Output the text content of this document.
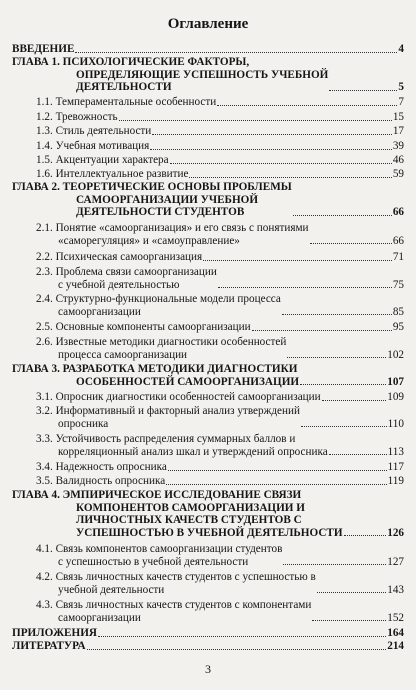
Оглавление
ВВЕДЕНИЕ	4
ГЛАВА 1. ПСИХОЛОГИЧЕСКИЕ ФАКТОРЫ,
ОПРЕДЕЛЯЮЩИЕ УСПЕШНОСТЬ УЧЕБНОЙ
ДЕЯТЕЛЬНОСТИ	5
1.1. Темпераментальные особенности	7
1.2. Тревожность	15
1.3. Стиль деятельности	17
1.4. Учебная мотивация	39
1.5. Акцентуации характера	46
1.6. Интеллектуальное развитие	59
ГЛАВА 2. ТЕОРЕТИЧЕСКИЕ ОСНОВЫ ПРОБЛЕМЫ
САМООРГАНИЗАЦИИ УЧЕБНОЙ
ДЕЯТЕЛЬНОСТИ СТУДЕНТОВ	66
2.1. Понятие «самоорганизация» и его связь с понятиями
«саморегуляция» и «самоуправление»	66
2.2. Психическая самоорганизация	71
2.3. Проблема связи самоорганизации
с учебной деятельностью	75
2.4. Структурно-функциональные модели процесса
самоорганизации	85
2.5. Основные компоненты самоорганизации	95
2.6. Известные методики диагностики особенностей
процесса самоорганизации	102
ГЛАВА 3. РАЗРАБОТКА МЕТОДИКИ ДИАГНОСТИКИ
ОСОБЕННОСТЕЙ САМООРГАНИЗАЦИИ	107
3.1. Опросник диагностики особенностей самоорганизации	109
3.2. Информативный и факторный анализ утверждений
опросника	110
3.3. Устойчивость распределения суммарных баллов и
корреляционный анализ шкал и утверждений опросника	113
3.4. Надежность опросника	117
3.5. Валидность опросника	119
ГЛАВА 4. ЭМПИРИЧЕСКОЕ ИССЛЕДОВАНИЕ СВЯЗИ
КОМПОНЕНТОВ САМООРГАНИЗАЦИИ И
ЛИЧНОСТНЫХ КАЧЕСТВ СТУДЕНТОВ С
УСПЕШНОСТЬЮ В УЧЕБНОЙ ДЕЯТЕЛЬНОСТИ	126
4.1. Связь компонентов самоорганизации студентов
с успешностью в учебной деятельности	127
4.2. Связь личностных качеств студентов с успешностью в
учебной деятельности	143
4.3. Связь личностных качеств студентов с компонентами
самоорганизации	152
ПРИЛОЖЕНИЯ	164
ЛИТЕРАТУРА	214
3
